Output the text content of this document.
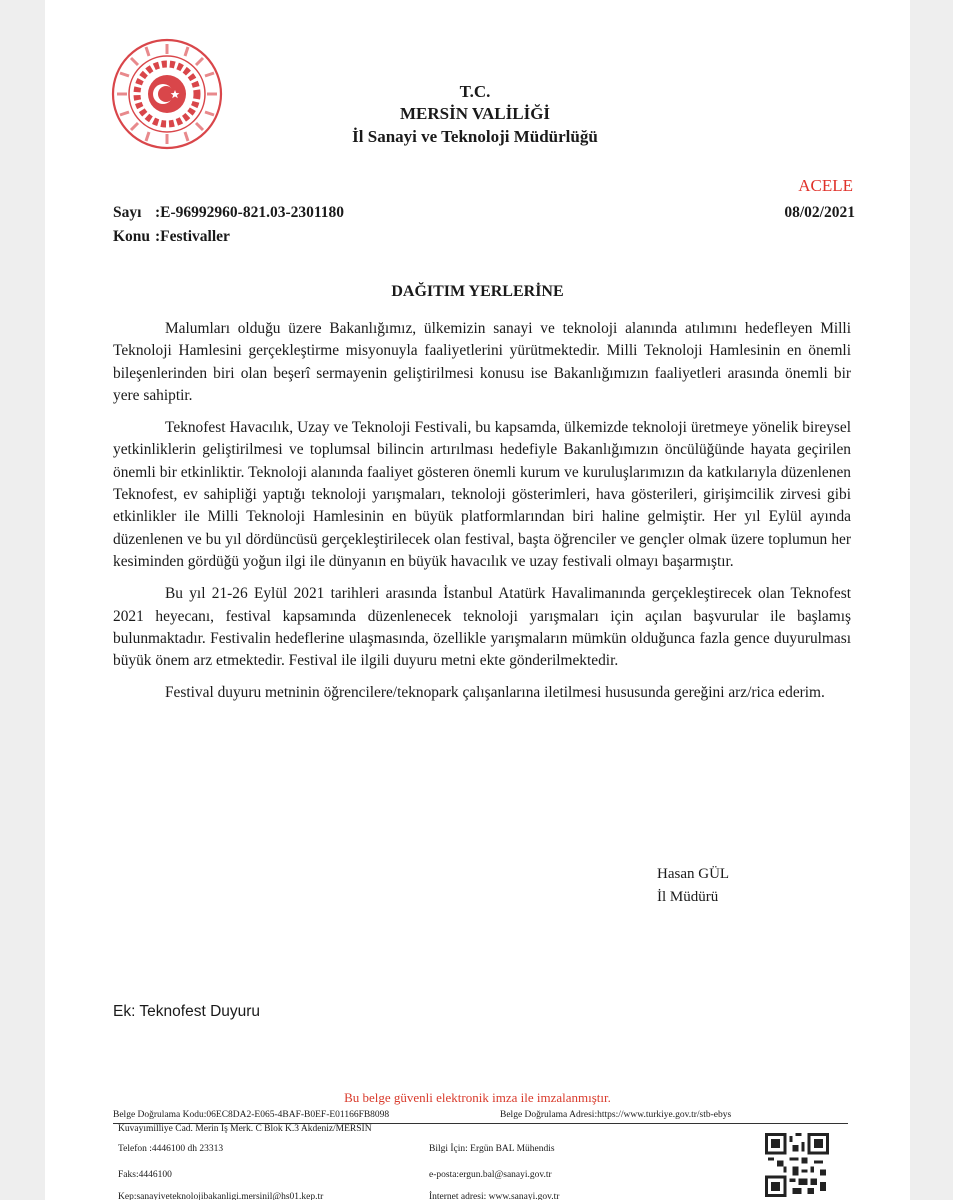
T.C.
MERSİN VALİLİĞİ
İl Sanayi ve Teknoloji Müdürlüğü
ACELE
Sayı :E-96992960-821.03-2301180	08/02/2021
Konu :Festivaller
DAĞITIM YERLERİNE

Malumları olduğu üzere Bakanlığımız, ülkemizin sanayi ve teknoloji alanında atılımını hedefleyen Milli Teknoloji Hamlesini gerçekleştirme misyonuyla faaliyetlerini yürütmektedir. Milli Teknoloji Hamlesinin en önemli bileşenlerinden biri olan beşerî sermayenin geliştirilmesi konusu ise Bakanlığımızın faaliyetleri arasında önemli bir yere sahiptir.

Teknofest Havacılık, Uzay ve Teknoloji Festivali, bu kapsamda, ülkemizde teknoloji üretmeye yönelik bireysel yetkinliklerin geliştirilmesi ve toplumsal bilincin artırılması hedefiyle Bakanlığımızın öncülüğünde hayata geçirilen önemli bir etkinliktir. Teknoloji alanında faaliyet gösteren önemli kurum ve kuruluşlarımızın da katkılarıyla düzenlenen Teknofest, ev sahipliği yaptığı teknoloji yarışmaları, teknoloji gösterimleri, hava gösterileri, girişimcilik zirvesi gibi etkinlikler ile Milli Teknoloji Hamlesinin en büyük platformlarından biri haline gelmiştir. Her yıl Eylül ayında düzenlenen ve bu yıl dördüncüsü gerçekleştirilecek olan festival, başta öğrenciler ve gençler olmak üzere toplumun her kesiminden gördüğü yoğun ilgi ile dünyanın en büyük havacılık ve uzay festivali olmayı başarmıştır.

Bu yıl 21-26 Eylül 2021 tarihleri arasında İstanbul Atatürk Havalimanında gerçekleştirecek olan Teknofest 2021 heyecanı, festival kapsamında düzenlenecek teknoloji yarışmaları için açılan başvurular ile başlamış bulunmaktadır. Festivalin hedeflerine ulaşmasında, özellikle yarışmaların mümkün olduğunca fazla gence duyurulması büyük önem arz etmektedir. Festival ile ilgili duyuru metni ekte gönderilmektedir.

Festival duyuru metninin öğrencilere/teknopark çalışanlarına iletilmesi hususunda gereğini arz/rica ederim.

Hasan GÜL
İl Müdürü
Ek: Teknofest Duyuru
Bu belge güvenli elektronik imza ile imzalanmıştır.
Belge Doğrulama Kodu:06EC8DA2-E065-4BAF-B0EF-E01166FB8098	Belge Doğrulama Adresi:https://www.turkiye.gov.tr/stb-ebys
Kuvayımilliye Cad. Merin İş Merk. C Blok K.3 Akdeniz/MERSİN
Telefon :4446100 dh 23313
Faks:4446100
Kep:sanayiveteknolojibakanligi.mersinil@hs01.kep.tr
Bilgi İçin: Ergün BAL Mühendis
e-posta:ergun.bal@sanayi.gov.tr
İnternet adresi: www.sanayi.gov.tr
